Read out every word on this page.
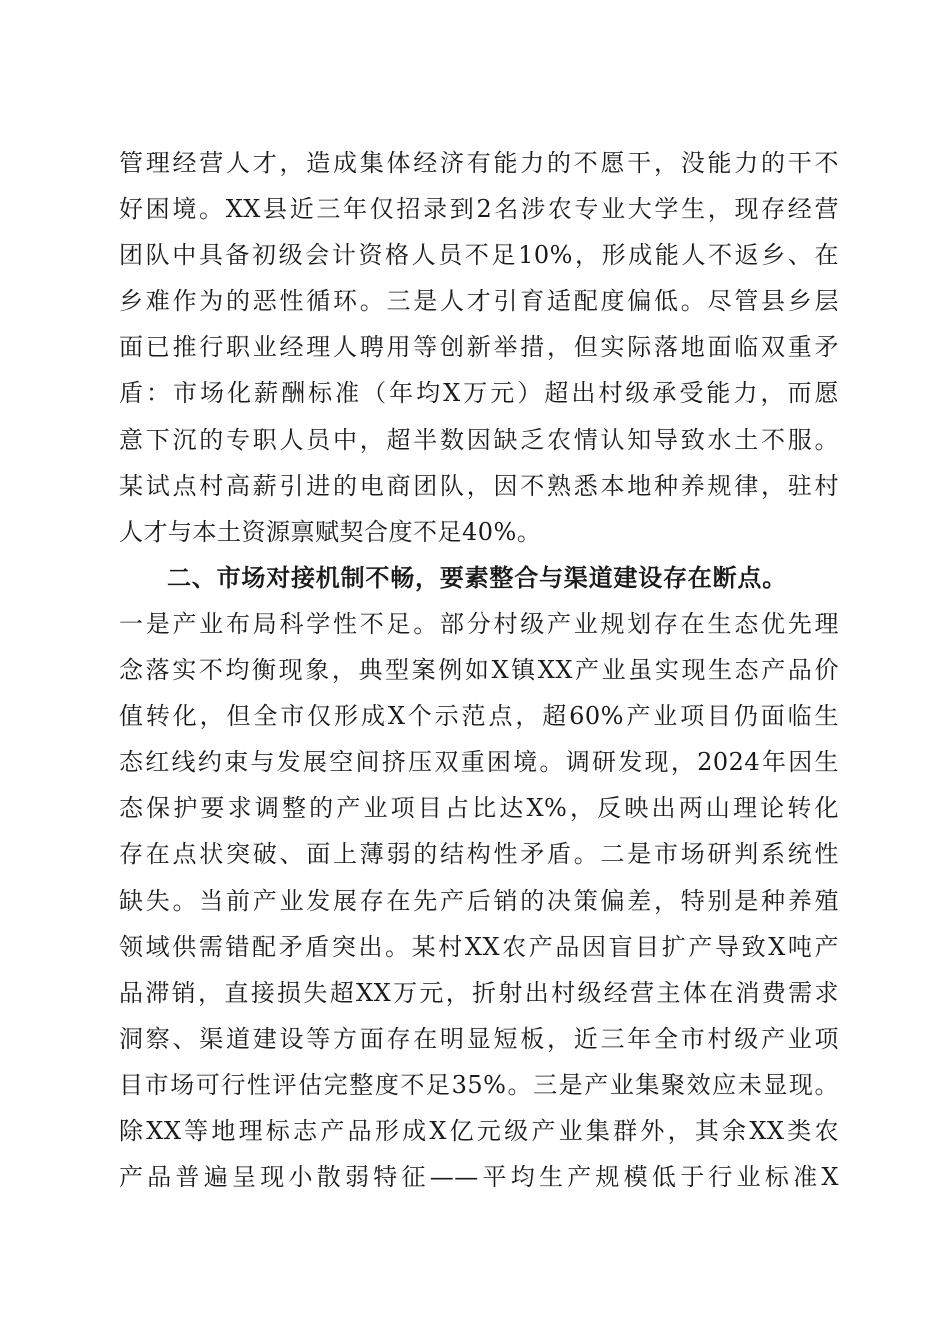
管理经营人才，造成集体经济有能力的不愿干，没能力的干不
好困境。XX县近三年仅招录到2名涉农专业大学生，现存经营
团队中具备初级会计资格人员不足10%，形成能人不返乡、在
乡难作为的恶性循环。三是人才引育适配度偏低。尽管县乡层
面已推行职业经理人聘用等创新举措，但实际落地面临双重矛
盾：市场化薪酬标准（年均X万元）超出村级承受能力，而愿
意下沉的专职人员中，超半数因缺乏农情认知导致水土不服。
某试点村高薪引进的电商团队，因不熟悉本地种养规律，驻村
人才与本土资源禀赋契合度不足40%。
二、市场对接机制不畅，要素整合与渠道建设存在断点。
一是产业布局科学性不足。部分村级产业规划存在生态优先理
念落实不均衡现象，典型案例如X镇XX产业虽实现生态产品价
值转化，但全市仅形成X个示范点，超60%产业项目仍面临生
态红线约束与发展空间挤压双重困境。调研发现，2024年因生
态保护要求调整的产业项目占比达X%，反映出两山理论转化
存在点状突破、面上薄弱的结构性矛盾。二是市场研判系统性
缺失。当前产业发展存在先产后销的决策偏差，特别是种养殖
领域供需错配矛盾突出。某村XX农产品因盲目扩产导致X吨产
品滞销，直接损失超XX万元，折射出村级经营主体在消费需求
洞察、渠道建设等方面存在明显短板，近三年全市村级产业项
目市场可行性评估完整度不足35%。三是产业集聚效应未显现。
除XX等地理标志产品形成X亿元级产业集群外，其余XX类农
产品普遍呈现小散弱特征——平均生产规模低于行业标准X
